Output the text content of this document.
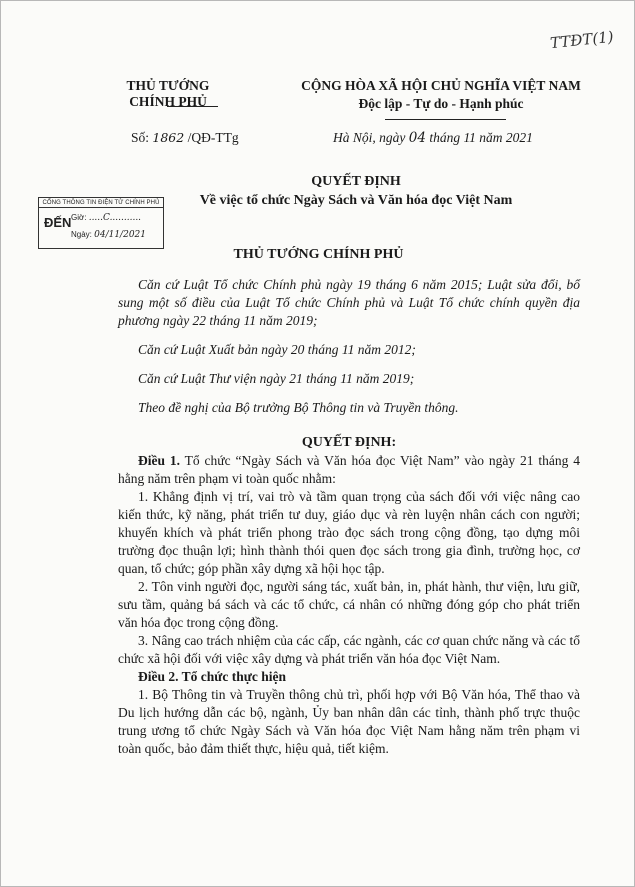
TTĐT(1)
THỦ TƯỚNG CHÍNH PHỦ
CỘNG HÒA XÃ HỘI CHỦ NGHĨA VIỆT NAM
Độc lập - Tự do - Hạnh phúc
Số: 1862 /QĐ-TTg	Hà Nội, ngày 04 tháng 11 năm 2021
CỔNG THÔNG TIN ĐIỆN TỬ CHÍNH PHỦ
ĐẾN Giờ: .....C...........
Ngày: 04/11/2021
QUYẾT ĐỊNH
Về việc tổ chức Ngày Sách và Văn hóa đọc Việt Nam
THỦ TƯỚNG CHÍNH PHỦ

Căn cứ Luật Tổ chức Chính phủ ngày 19 tháng 6 năm 2015; Luật sửa đổi, bổ sung một số điều của Luật Tổ chức Chính phủ và Luật Tổ chức chính quyền địa phương ngày 22 tháng 11 năm 2019;

Căn cứ Luật Xuất bản ngày 20 tháng 11 năm 2012;

Căn cứ Luật Thư viện ngày 21 tháng 11 năm 2019;

Theo đề nghị của Bộ trưởng Bộ Thông tin và Truyền thông.

QUYẾT ĐỊNH:

Điều 1. Tổ chức “Ngày Sách và Văn hóa đọc Việt Nam” vào ngày 21 tháng 4 hằng năm trên phạm vi toàn quốc nhằm:

1. Khẳng định vị trí, vai trò và tầm quan trọng của sách đối với việc nâng cao kiến thức, kỹ năng, phát triển tư duy, giáo dục và rèn luyện nhân cách con người; khuyến khích và phát triển phong trào đọc sách trong cộng đồng, tạo dựng môi trường đọc thuận lợi; hình thành thói quen đọc sách trong gia đình, trường học, cơ quan, tổ chức; góp phần xây dựng xã hội học tập.

2. Tôn vinh người đọc, người sáng tác, xuất bản, in, phát hành, thư viện, lưu giữ, sưu tầm, quảng bá sách và các tổ chức, cá nhân có những đóng góp cho phát triển văn hóa đọc trong cộng đồng.

3. Nâng cao trách nhiệm của các cấp, các ngành, các cơ quan chức năng và các tổ chức xã hội đối với việc xây dựng và phát triển văn hóa đọc Việt Nam.

Điều 2. Tổ chức thực hiện

1. Bộ Thông tin và Truyền thông chủ trì, phối hợp với Bộ Văn hóa, Thể thao và Du lịch hướng dẫn các bộ, ngành, Ủy ban nhân dân các tỉnh, thành phố trực thuộc trung ương tổ chức Ngày Sách và Văn hóa đọc Việt Nam hằng năm trên phạm vi toàn quốc, bảo đảm thiết thực, hiệu quả, tiết kiệm.
